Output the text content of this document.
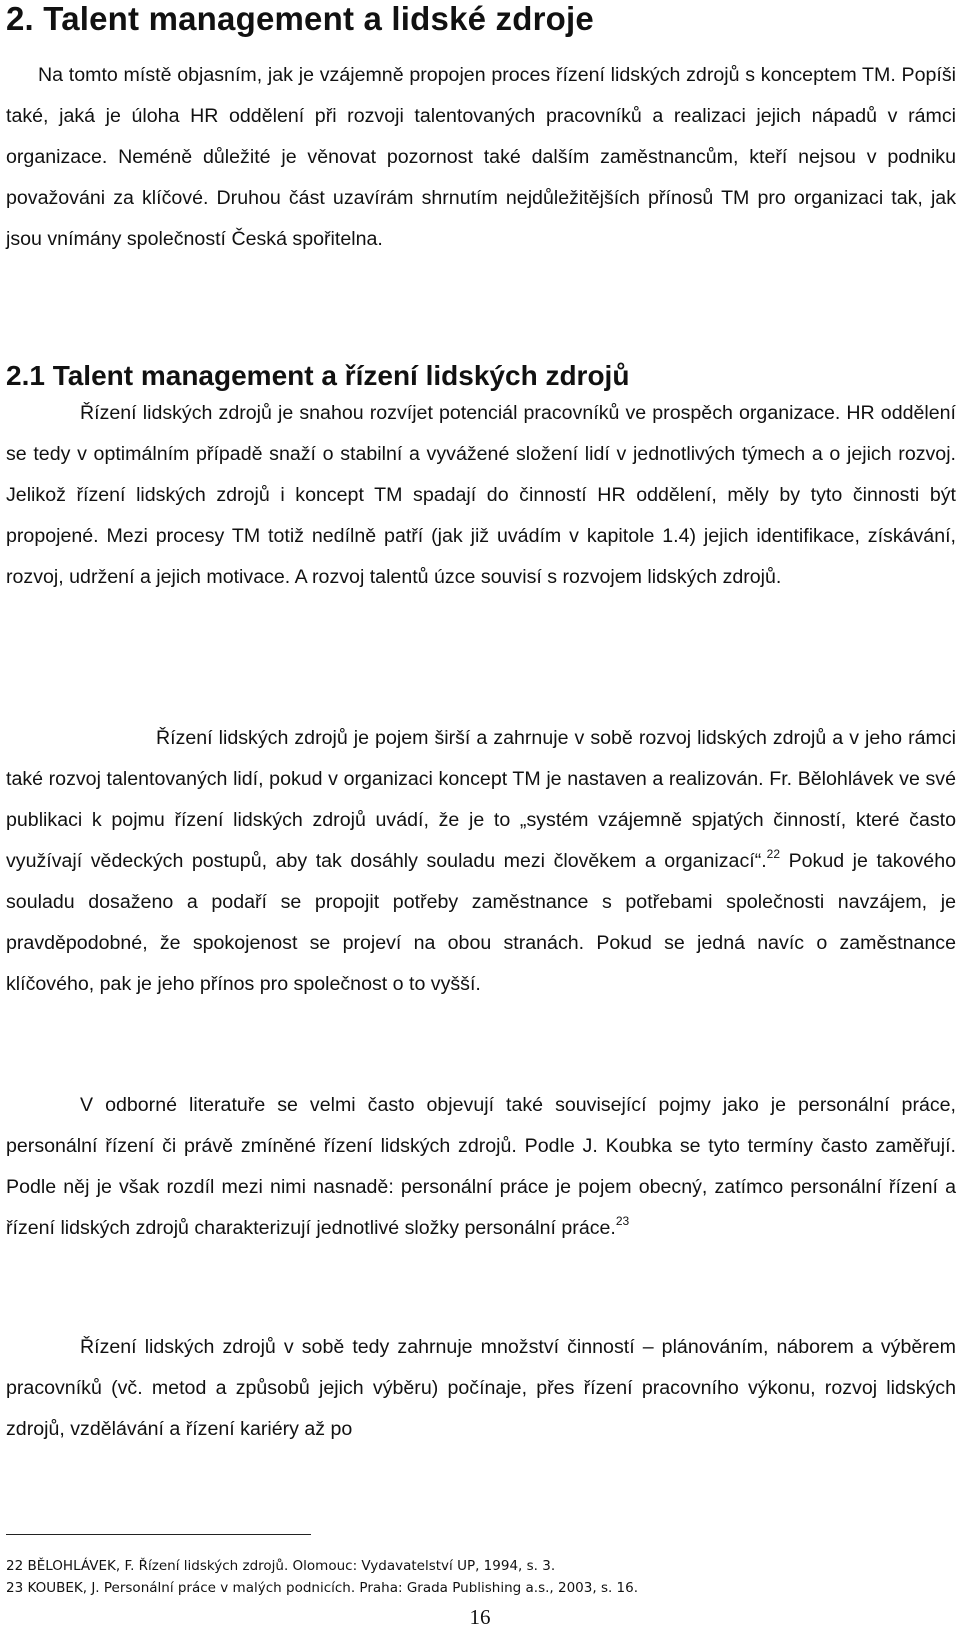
2. Talent management a lidské zdroje

Na tomto místě objasním, jak je vzájemně propojen proces řízení lidských zdrojů s konceptem TM. Popíši také, jaká je úloha HR oddělení při rozvoji talentovaných pracovníků a realizaci jejich nápadů v rámci organizace. Neméně důležité je věnovat pozornost také dalším zaměstnancům, kteří nejsou v podniku považováni za klíčové. Druhou část uzavírám shrnutím nejdůležitějších přínosů TM pro organizaci tak, jak jsou vnímány společností Česká spořitelna.

2.1 Talent management a řízení lidských zdrojů

Řízení lidských zdrojů je snahou rozvíjet potenciál pracovníků ve prospěch organizace. HR oddělení se tedy v optimálním případě snaží o stabilní a vyvážené složení lidí v jednotlivých týmech a o jejich rozvoj. Jelikož řízení lidských zdrojů i koncept TM spadají do činností HR oddělení, měly by tyto činnosti být propojené. Mezi procesy TM totiž nedílně patří (jak již uvádím v kapitole 1.4) jejich identifikace, získávání, rozvoj, udržení a jejich motivace. A rozvoj talentů úzce souvisí s rozvojem lidských zdrojů.

Řízení lidských zdrojů je pojem širší a zahrnuje v sobě rozvoj lidských zdrojů a v jeho rámci také rozvoj talentovaných lidí, pokud v organizaci koncept TM je nastaven a realizován. Fr. Bělohlávek ve své publikaci k pojmu řízení lidských zdrojů uvádí, že je to „systém vzájemně spjatých činností, které často využívají vědeckých postupů, aby tak dosáhly souladu mezi člověkem a organizací“.$^{22}$ Pokud je takového souladu dosaženo a podaří se propojit potřeby zaměstnance s potřebami společnosti navzájem, je pravděpodobné, že spokojenost se projeví na obou stranách. Pokud se jedná navíc o zaměstnance klíčového, pak je jeho přínos pro společnost o to vyšší.

V odborné literatuře se velmi často objevují také související pojmy jako je personální práce, personální řízení či právě zmíněné řízení lidských zdrojů. Podle J. Koubka se tyto termíny často zaměřují. Podle něj je však rozdíl mezi nimi nasnadě: personální práce je pojem obecný, zatímco personální řízení a řízení lidských zdrojů charakterizují jednotlivé složky personální práce.$^{23}$

Řízení lidských zdrojů v sobě tedy zahrnuje množství činností – plánováním, náborem a výběrem pracovníků (vč. metod a způsobů jejich výběru) počínaje, přes řízení pracovního výkonu, rozvoj lidských zdrojů, vzdělávání a řízení kariéry až po

22 BĚLOHLÁVEK, F. Řízení lidských zdrojů. Olomouc: Vydavatelství UP, 1994, s. 3.
23 KOUBEK, J. Personální práce v malých podnicích. Praha: Grada Publishing a.s., 2003, s. 16.
16
